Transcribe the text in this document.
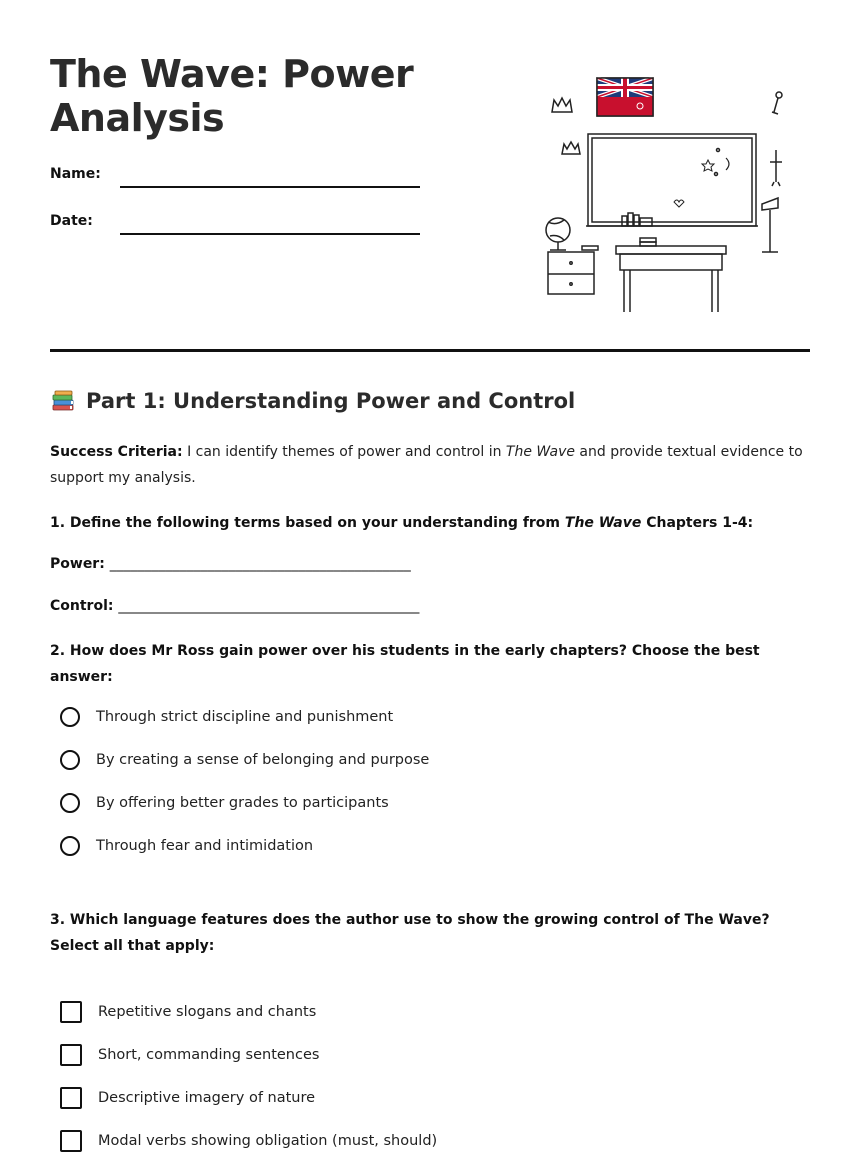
The Wave: Power Analysis
Name:
Date:
Part 1: Understanding Power and Control
Success Criteria: I can identify themes of power and control in The Wave and provide textual evidence to support my analysis.
1. Define the following terms based on your understanding from The Wave Chapters 1-4:
Power: ___________________________________________
Control: ___________________________________________
2. How does Mr Ross gain power over his students in the early chapters? Choose the best answer:
Through strict discipline and punishment
By creating a sense of belonging and purpose
By offering better grades to participants
Through fear and intimidation
3. Which language features does the author use to show the growing control of The Wave? Select all that apply:
Repetitive slogans and chants
Short, commanding sentences
Descriptive imagery of nature
Modal verbs showing obligation (must, should)
